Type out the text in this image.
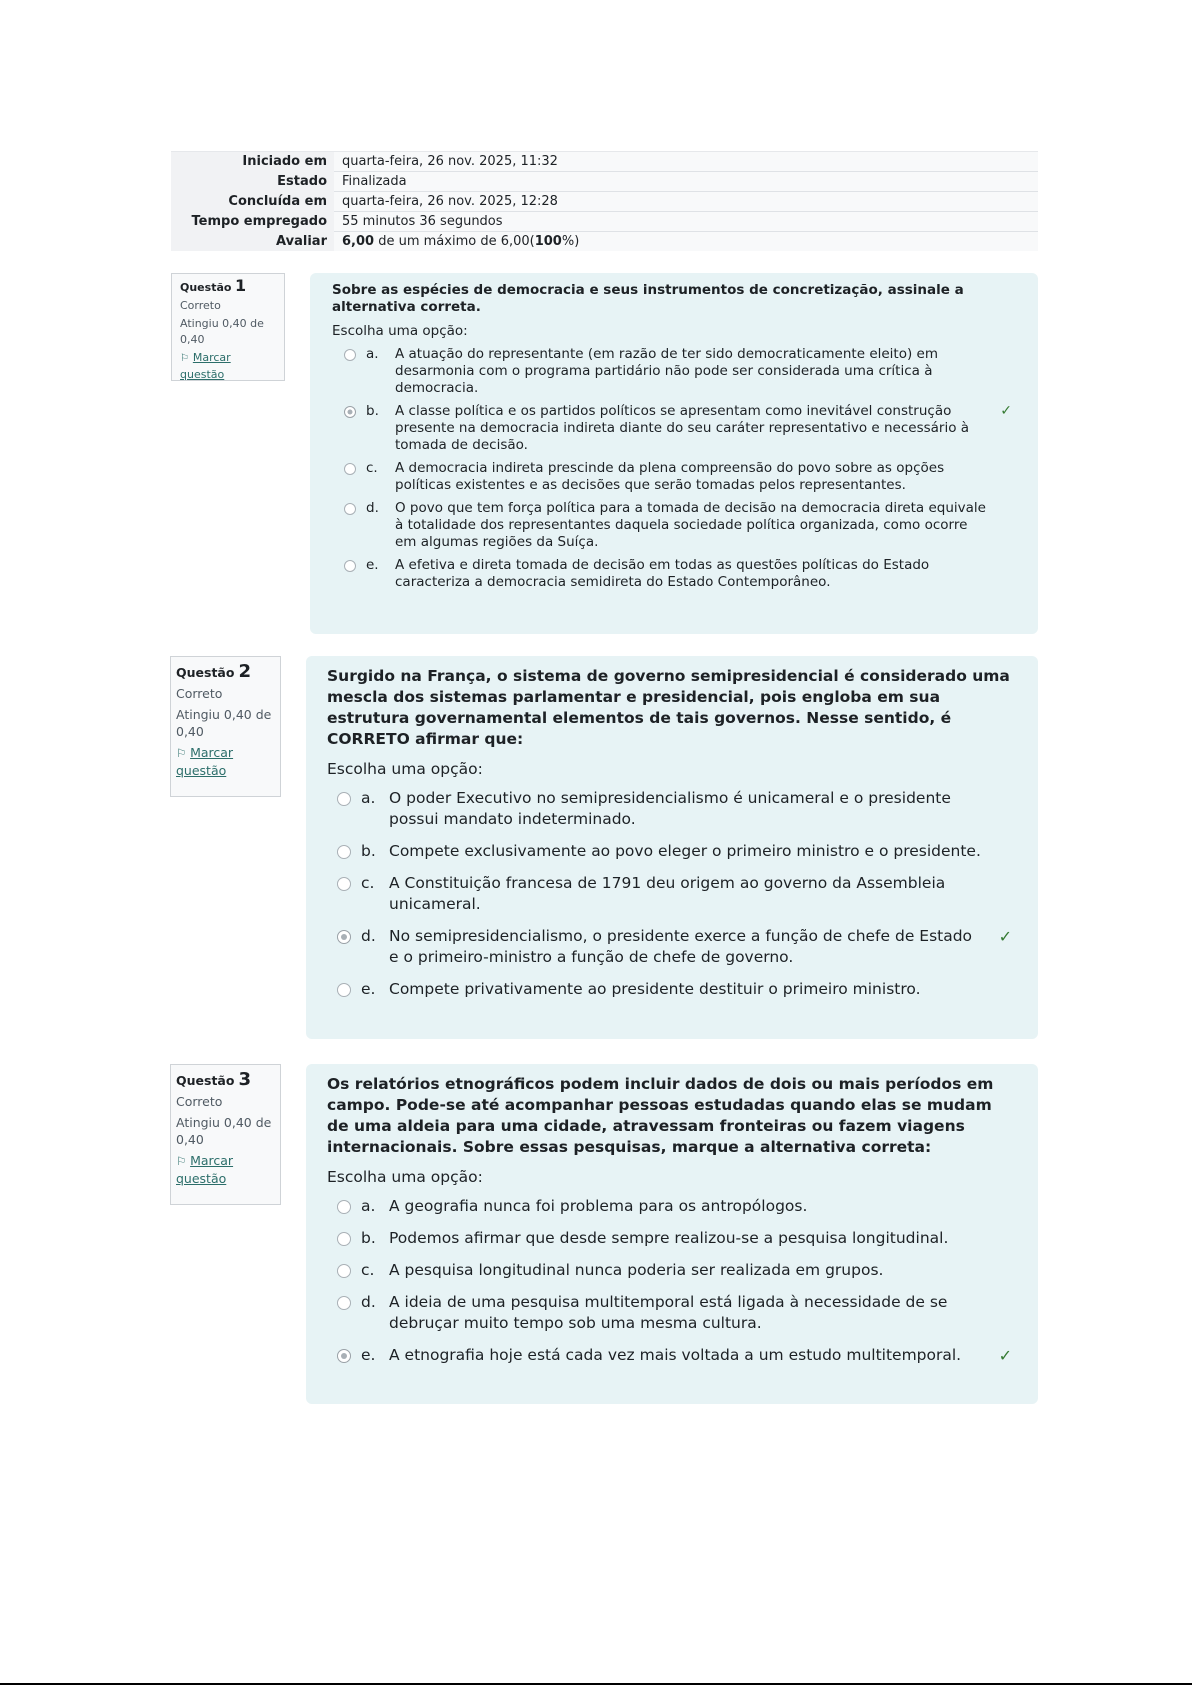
Iniciado em	quarta-feira, 26 nov. 2025, 11:32
Estado	Finalizada
Concluída em	quarta-feira, 26 nov. 2025, 12:28
Tempo empregado	55 minutos 36 segundos
Avaliar	6,00 de um máximo de 6,00(100%)
Questão 1
Correto
Atingiu 0,40 de 0,40
⚐ Marcar questão
Sobre as espécies de democracia e seus instrumentos de concretização, assinale a alternativa correta.
Escolha uma opção:
a. A atuação do representante (em razão de ter sido democraticamente eleito) em desarmonia com o programa partidário não pode ser considerada uma crítica à democracia.
b. A classe política e os partidos políticos se apresentam como inevitável construção presente na democracia indireta diante do seu caráter representativo e necessário à tomada de decisão.
✓
c. A democracia indireta prescinde da plena compreensão do povo sobre as opções políticas existentes e as decisões que serão tomadas pelos representantes.
d. O povo que tem força política para a tomada de decisão na democracia direta equivale à totalidade dos representantes daquela sociedade política organizada, como ocorre em algumas regiões da Suíça.
e. A efetiva e direta tomada de decisão em todas as questões políticas do Estado caracteriza a democracia semidireta do Estado Contemporâneo.
Questão 2
Correto
Atingiu 0,40 de 0,40
⚐ Marcar questão
Surgido na França, o sistema de governo semipresidencial é considerado uma mescla dos sistemas parlamentar e presidencial, pois engloba em sua estrutura governamental elementos de tais governos. Nesse sentido, é CORRETO afirmar que:
Escolha uma opção:
a. O poder Executivo no semipresidencialismo é unicameral e o presidente possui mandato indeterminado.
b. Compete exclusivamente ao povo eleger o primeiro ministro e o presidente.
c. A Constituição francesa de 1791 deu origem ao governo da Assembleia unicameral.
d. No semipresidencialismo, o presidente exerce a função de chefe de Estado e o primeiro-ministro a função de chefe de governo.
✓
e. Compete privativamente ao presidente destituir o primeiro ministro.
Questão 3
Correto
Atingiu 0,40 de 0,40
⚐ Marcar questão
Os relatórios etnográficos podem incluir dados de dois ou mais períodos em campo. Pode-se até acompanhar pessoas estudadas quando elas se mudam de uma aldeia para uma cidade, atravessam fronteiras ou fazem viagens internacionais. Sobre essas pesquisas, marque a alternativa correta:
Escolha uma opção:
a. A geografia nunca foi problema para os antropólogos.
b. Podemos afirmar que desde sempre realizou-se a pesquisa longitudinal.
c. A pesquisa longitudinal nunca poderia ser realizada em grupos.
d. A ideia de uma pesquisa multitemporal está ligada à necessidade de se debruçar muito tempo sob uma mesma cultura.
e. A etnografia hoje está cada vez mais voltada a um estudo multitemporal.	✓
